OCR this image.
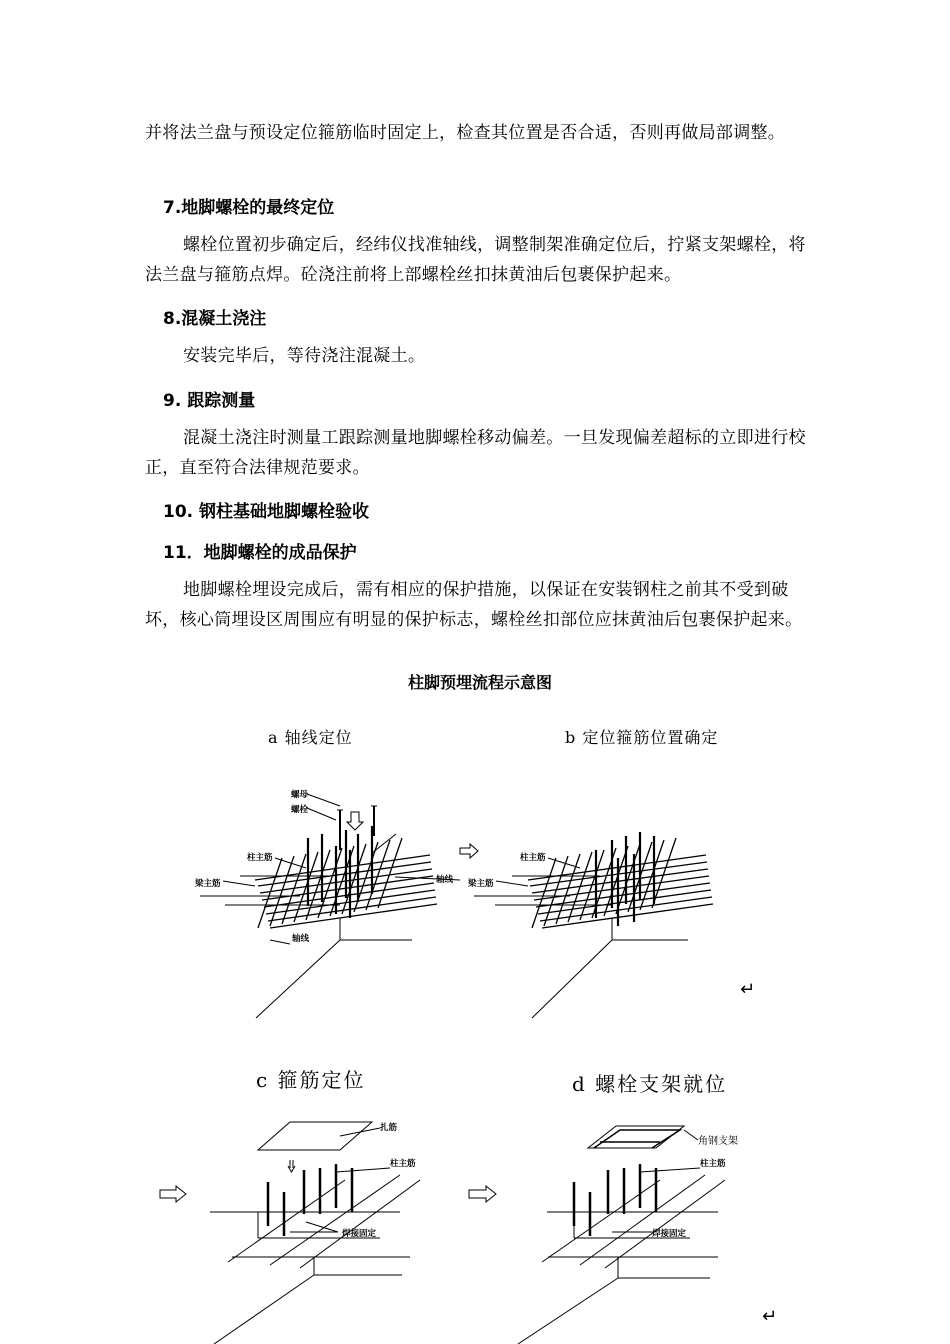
并将法兰盘与预设定位箍筋临时固定上，检查其位置是否合适，否则再做局部调整。

7.地脚螺栓的最终定位

螺栓位置初步确定后，经纬仪找准轴线，调整制架准确定位后，拧紧支架螺栓，将法兰盘与箍筋点焊。砼浇注前将上部螺栓丝扣抹黄油后包裹保护起来。

8.混凝土浇注

安装完毕后，等待浇注混凝土。

9. 跟踪测量

混凝土浇注时测量工跟踪测量地脚螺栓移动偏差。一旦发现偏差超标的立即进行校正，直至符合法律规范要求。

10. 钢柱基础地脚螺栓验收

11．地脚螺栓的成品保护

地脚螺栓埋设完成后，需有相应的保护措施，以保证在安装钢柱之前其不受到破坏，核心筒埋设区周围应有明显的保护标志，螺栓丝扣部位应抹黄油后包裹保护起来。

柱脚预埋流程示意图
a 轴线定位	b 定位箍筋位置确定
c 箍筋定位	d 螺栓支架就位
螺母
螺栓
柱主筋
梁主筋	轴线
轴线
柱主筋
梁主筋
扎筋
柱主筋
焊接固定
角钢支架
柱主筋
焊接固定
↵
↵
